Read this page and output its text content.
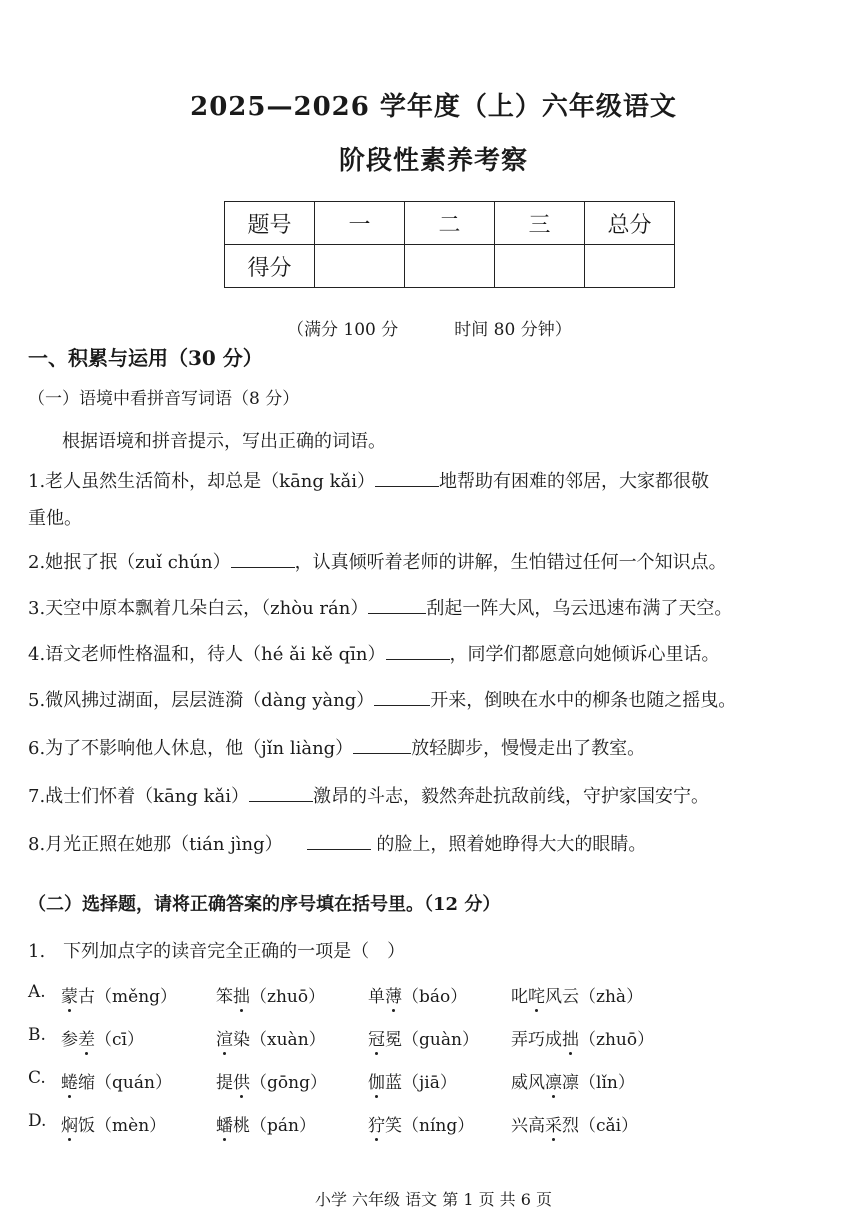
2025—2026 学年度（上）六年级语文
阶段性素养考察
题号	一	二	三	总分
得分				
（满分 100 分	时间 80 分钟）
一、积累与运用（30 分）
（一）语境中看拼音写词语（8 分）
根据语境和拼音提示，写出正确的词语。
1.老人虽然生活简朴，却总是（kāng kǎi）	地帮助有困难的邻居，大家都很敬
重他。
2.她抿了抿（zuǐ chún）	，认真倾听着老师的讲解，生怕错过任何一个知识点。
3.天空中原本飘着几朵白云，（zhòu rán）	刮起一阵大风，乌云迅速布满了天空。
4.语文老师性格温和，待人（hé ǎi kě qīn）	，同学们都愿意向她倾诉心里话。
5.微风拂过湖面，层层涟漪（dàng yàng）	开来，倒映在水中的柳条也随之摇曳。
6.为了不影响他人休息，他（jǐn liàng）	放轻脚步，慢慢走出了教室。
7.战士们怀着（kāng kǎi）	激昂的斗志，毅然奔赴抗敌前线，守护家国安宁。
8.月光正照在她那（tián jìng）	的脸上，照着她睁得大大的眼睛。
（二）选择题，请将正确答案的序号填在括号里。（12 分）
1.　下列加点字的读音完全正确的一项是（　）
A. 蒙古（měng） 笨拙（zhuō）	单薄（báo）	叱咤风云（zhà）
B. 参差（cī）	渲染（xuàn） 冠冕（guàn） 弄巧成拙（zhuō）
C. 蜷缩（quán）	提供（gōng） 伽蓝（jiā）	威风凛凛（lǐn）
D. 焖饭（mèn）	蟠桃（pán）	狞笑（níng） 兴高采烈（cǎi）
小学 六年级 语文 第 1 页 共 6 页
